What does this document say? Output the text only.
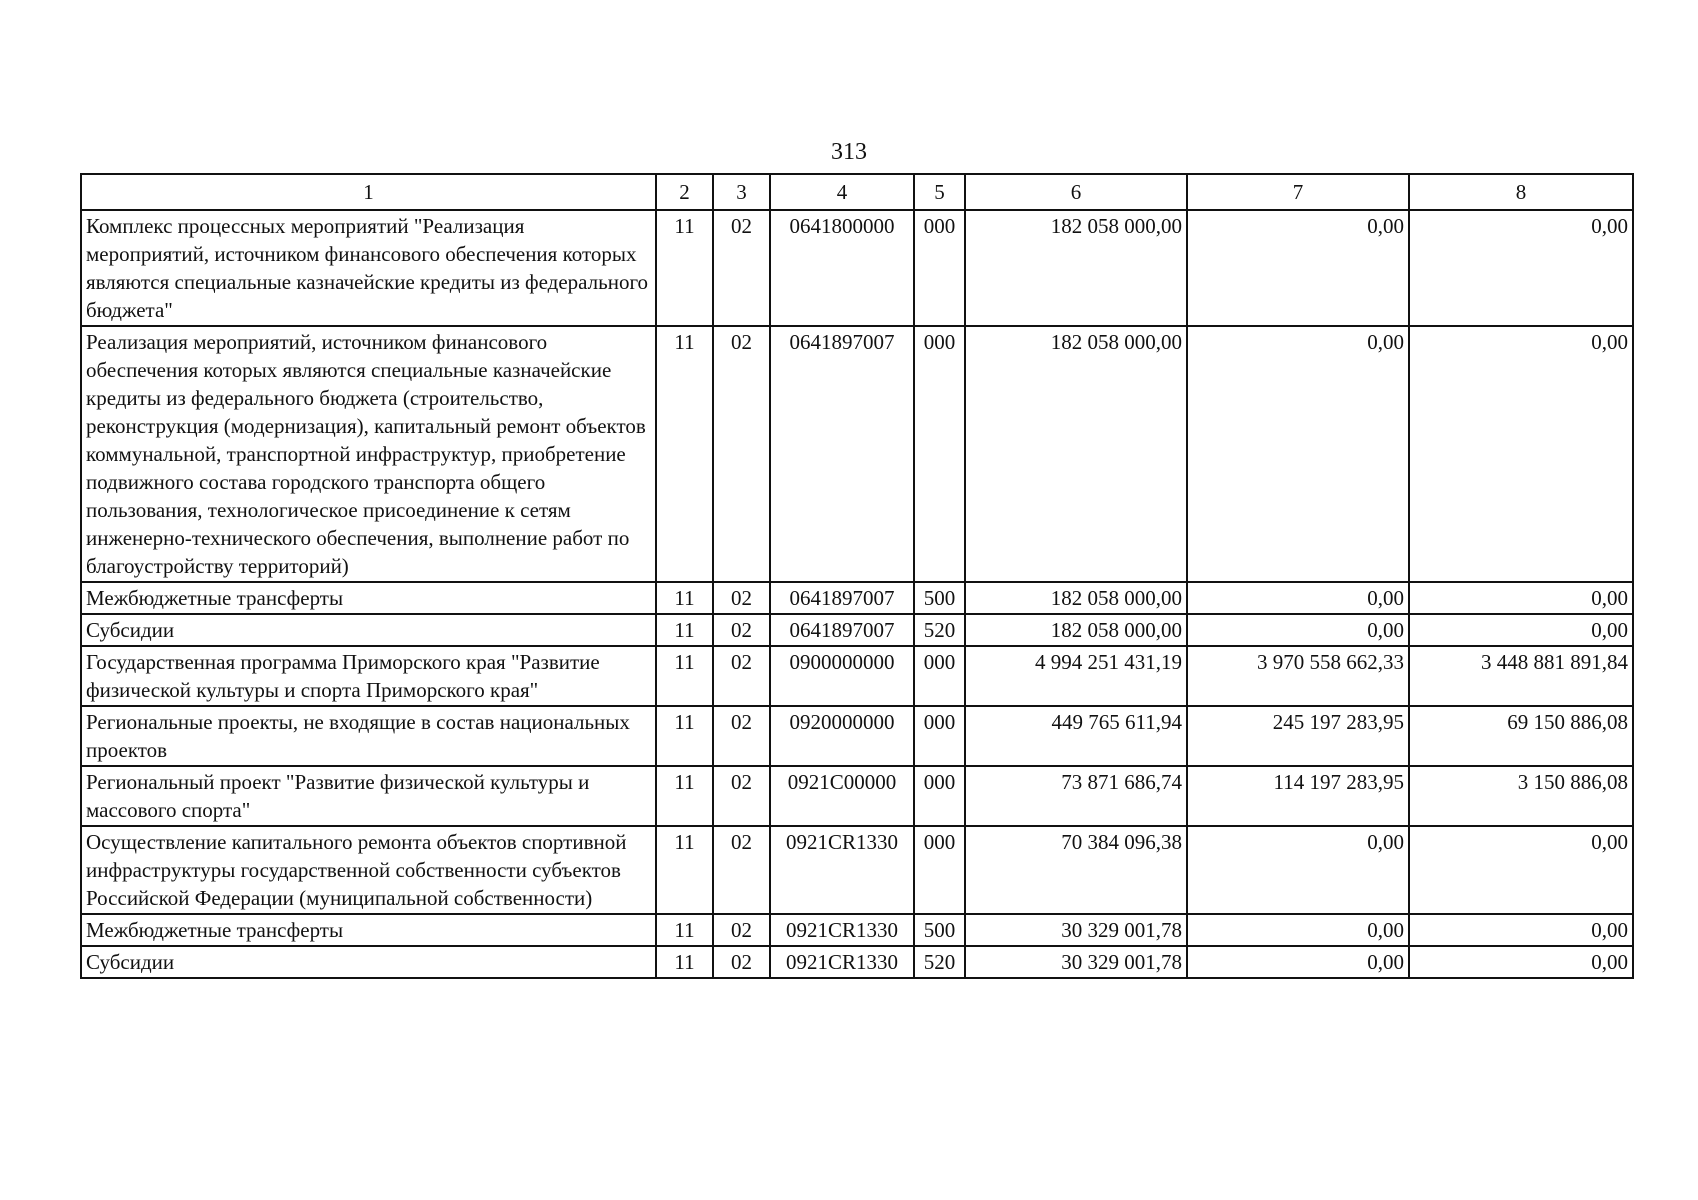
313
1	2	3	4	5	6	7	8
Комплекс процессных мероприятий "Реализация мероприятий, источником финансового обеспечения которых являются специальные казначейские кредиты из федерального бюджета"	11	02	0641800000	000	182 058 000,00	0,00	0,00
Реализация мероприятий, источником финансового обеспечения которых являются специальные казначейские кредиты из федерального бюджета (строительство, реконструкция (модернизация), капитальный ремонт объектов коммунальной, транспортной инфраструктур, приобретение подвижного состава городского транспорта общего пользования, технологическое присоединение к сетям инженерно-технического обеспечения, выполнение работ по благоустройству территорий)	11	02	0641897007	000	182 058 000,00	0,00	0,00
Межбюджетные трансферты	11	02	0641897007	500	182 058 000,00	0,00	0,00
Субсидии	11	02	0641897007	520	182 058 000,00	0,00	0,00
Государственная программа Приморского края "Развитие физической культуры и спорта Приморского края"	11	02	0900000000	000	4 994 251 431,19	3 970 558 662,33	3 448 881 891,84
Региональные проекты, не входящие в состав национальных проектов	11	02	0920000000	000	449 765 611,94	245 197 283,95	69 150 886,08
Региональный проект "Развитие физической культуры и массового спорта"	11	02	0921С00000	000	73 871 686,74	114 197 283,95	3 150 886,08
Осуществление капитального ремонта объектов спортивной инфраструктуры государственной собственности субъектов Российской Федерации (муниципальной собственности)	11	02	0921CR1330	000	70 384 096,38	0,00	0,00
Межбюджетные трансферты	11	02	0921CR1330	500	30 329 001,78	0,00	0,00
Субсидии	11	02	0921CR1330	520	30 329 001,78	0,00	0,00
